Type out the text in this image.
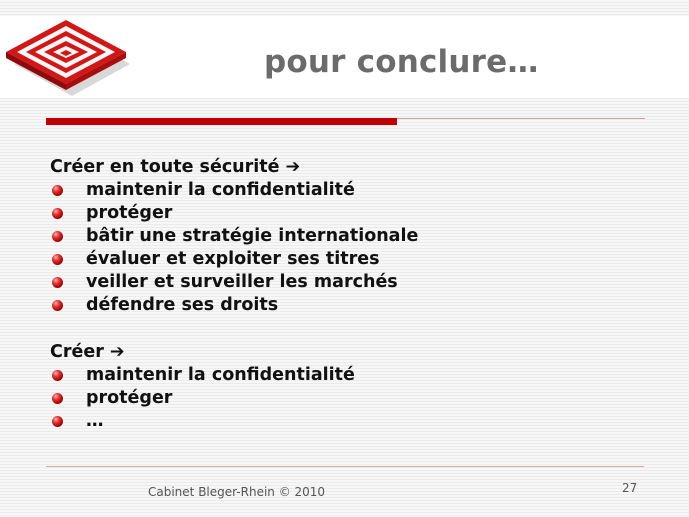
pour conclure…
Créer en toute sécurité ➔
maintenir la confidentialité
protéger
bâtir une stratégie internationale
évaluer et exploiter ses titres
veiller et surveiller les marchés
défendre ses droits
Créer ➔
maintenir la confidentialité
protéger
…
Cabinet Bleger-Rhein © 2010	27
